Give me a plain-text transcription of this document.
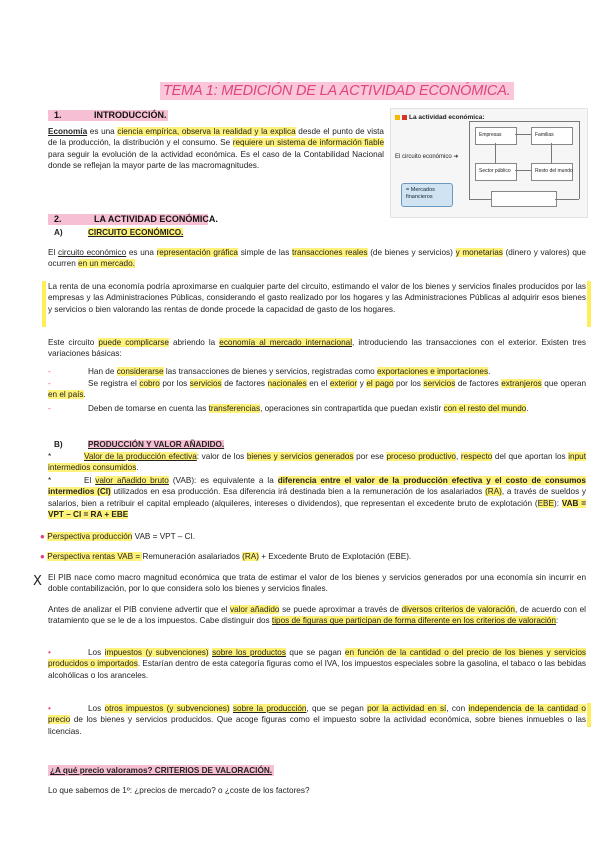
TEMA 1: MEDICIÓN DE LA ACTIVIDAD ECONÓMICA.
1.	INTRODUCCIÓN.
Economía es una ciencia empírica, observa la realidad y la explica desde el punto de vista de la producción, la distribución y el consumo. Se requiere un sistema de información fiable para seguir la evolución de la actividad económica. Es el caso de la Contabilidad Nacional donde se reflejan la mayor parte de las macromagnitudes.
La actividad económica:
El circuito económico ➜
Empresas	Familias
Sector público	Resto del mundo
= Mercados financieros
2.	LA ACTIVIDAD ECONÓMICA.
A)	CIRCUITO ECONÓMICO.
El circuito económico es una representación gráfica simple de las transacciones reales (de bienes y servicios) y monetarias (dinero y valores) que ocurren en un mercado.
La renta de una economía podría aproximarse en cualquier parte del circuito, estimando el valor de los bienes y servicios finales producidos por las empresas y las Administraciones Públicas, considerando el gasto realizado por los hogares y las Administraciones Públicas al adquirir esos bienes y servicios o bien valorando las rentas de donde procede la capacidad de gasto de los hogares.
Este circuito puede complicarse abriendo la economía al mercado internacional, introduciendo las transacciones con el exterior. Existen tres variaciones básicas:
-	Han de considerarse las transacciones de bienes y servicios, registradas como exportaciones e importaciones.
-	Se registra el cobro por los servicios de factores nacionales en el exterior y el pago por los servicios de factores extranjeros que operan en el país.
-	Deben de tomarse en cuenta las transferencias, operaciones sin contrapartida que puedan existir con el resto del mundo.
B)	PRODUCCIÓN Y VALOR AÑADIDO.
*	Valor de la producción efectiva: valor de los bienes y servicios generados por ese proceso productivo, respecto del que aportan los input intermedios consumidos.
*	El valor añadido bruto (VAB): es equivalente a la diferencia entre el valor de la producción efectiva y el costo de consumos intermedios (CI) utilizados en esa producción. Esa diferencia irá destinada bien a la remuneración de los asalariados (RA), a través de sueldos y salarios, bien a retribuir el capital empleado (alquileres, intereses o dividendos), que representan el excedente bruto de explotación (EBE): VAB = VPT – CI = RA + EBE
● Perspectiva producción VAB = VPT – CI.
● Perspectiva rentas VAB = Remuneración asalariados (RA) + Excedente Bruto de Explotación (EBE).
X El PIB nace como macro magnitud económica que trata de estimar el valor de los bienes y servicios generados por una economía sin incurrir en doble contabilización, por lo que considera solo los bienes y servicios finales.
Antes de analizar el PIB conviene advertir que el valor añadido se puede aproximar a través de diversos criterios de valoración, de acuerdo con el tratamiento que se le de a los impuestos. Cabe distinguir dos tipos de figuras que participan de forma diferente en los criterios de valoración:
•	Los impuestos (y subvenciones) sobre los productos que se pagan en función de la cantidad o del precio de los bienes y servicios producidos o importados. Estarían dentro de esta categoría figuras como el IVA, los impuestos especiales sobre la gasolina, el tabaco o las bebidas alcohólicas o los aranceles.
•	Los otros impuestos (y subvenciones) sobre la producción, que se pegan por la actividad en sí, con independencia de la cantidad o precio de los bienes y servicios producidos. Que acoge figuras como el impuesto sobre la actividad económica, sobre bienes inmuebles o las licencias.
¿A qué precio valoramos? CRITERIOS DE VALORACIÓN.
Lo que sabemos de 1º: ¿precios de mercado? o ¿coste de los factores?
